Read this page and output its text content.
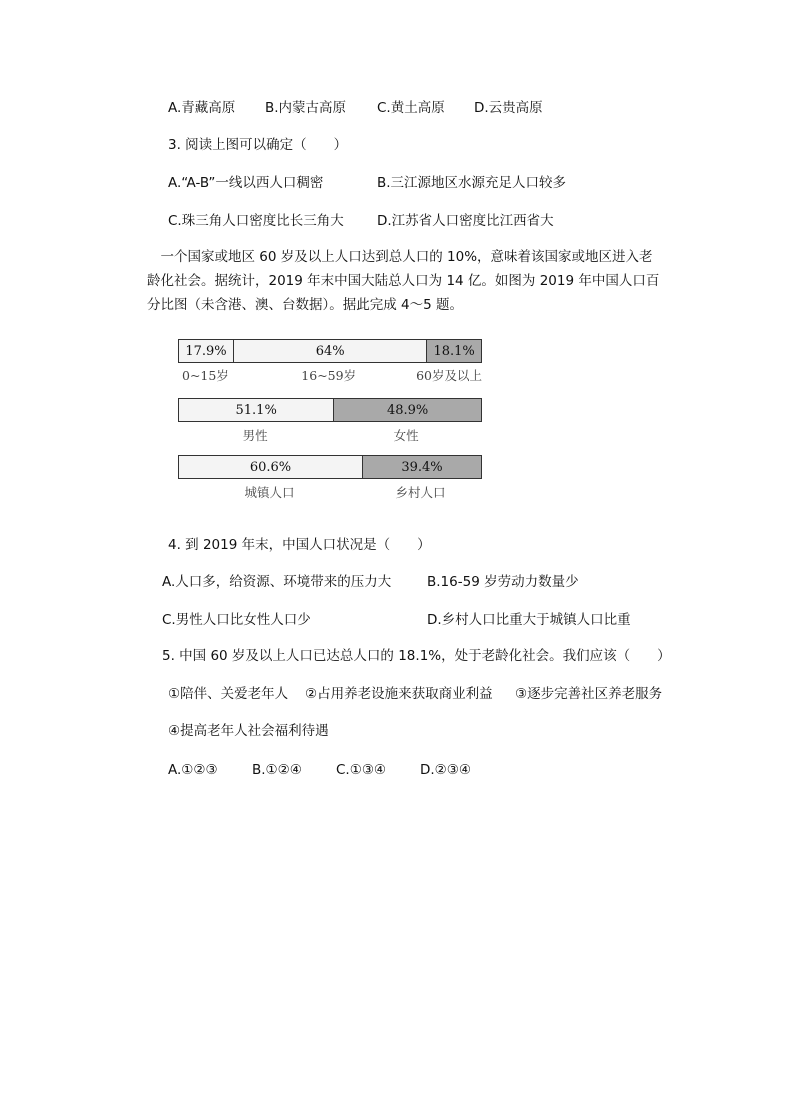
A.青藏高原 B.内蒙古高原 C.黄土高原 D.云贵高原
3. 阅读上图可以确定（　　）
A.“A-B”一线以西人口稠密	B.三江源地区水源充足人口较多
C.珠三角人口密度比长三角大 D.江苏省人口密度比江西省大
一个国家或地区 60 岁及以上人口达到总人口的 10%，意味着该国家或地区进入老龄化社会。据统计，2019 年末中国大陆总人口为 14 亿。如图为 2019 年中国人口百分比图（未含港、澳、台数据）。据此完成 4～5 题。
17.9%	64%	18.1%
51.1%	48.9%
60.6%	39.4%
0~15岁	16~59岁	60岁及以上
男性	女性
城镇人口	乡村人口
4. 到 2019 年末，中国人口状况是（　　）
A.人口多，给资源、环境带来的压力大	B.16-59 岁劳动力数量少
C.男性人口比女性人口少	D.乡村人口比重大于城镇人口比重
5. 中国 60 岁及以上人口已达总人口的 18.1%，处于老龄化社会。我们应该（　　）
①陪伴、关爱老年人 ②占用养老设施来获取商业利益 ③逐步完善社区养老服务
④提高老年人社会福利待遇
A.①②③	B.①②④	C.①③④	D.②③④
